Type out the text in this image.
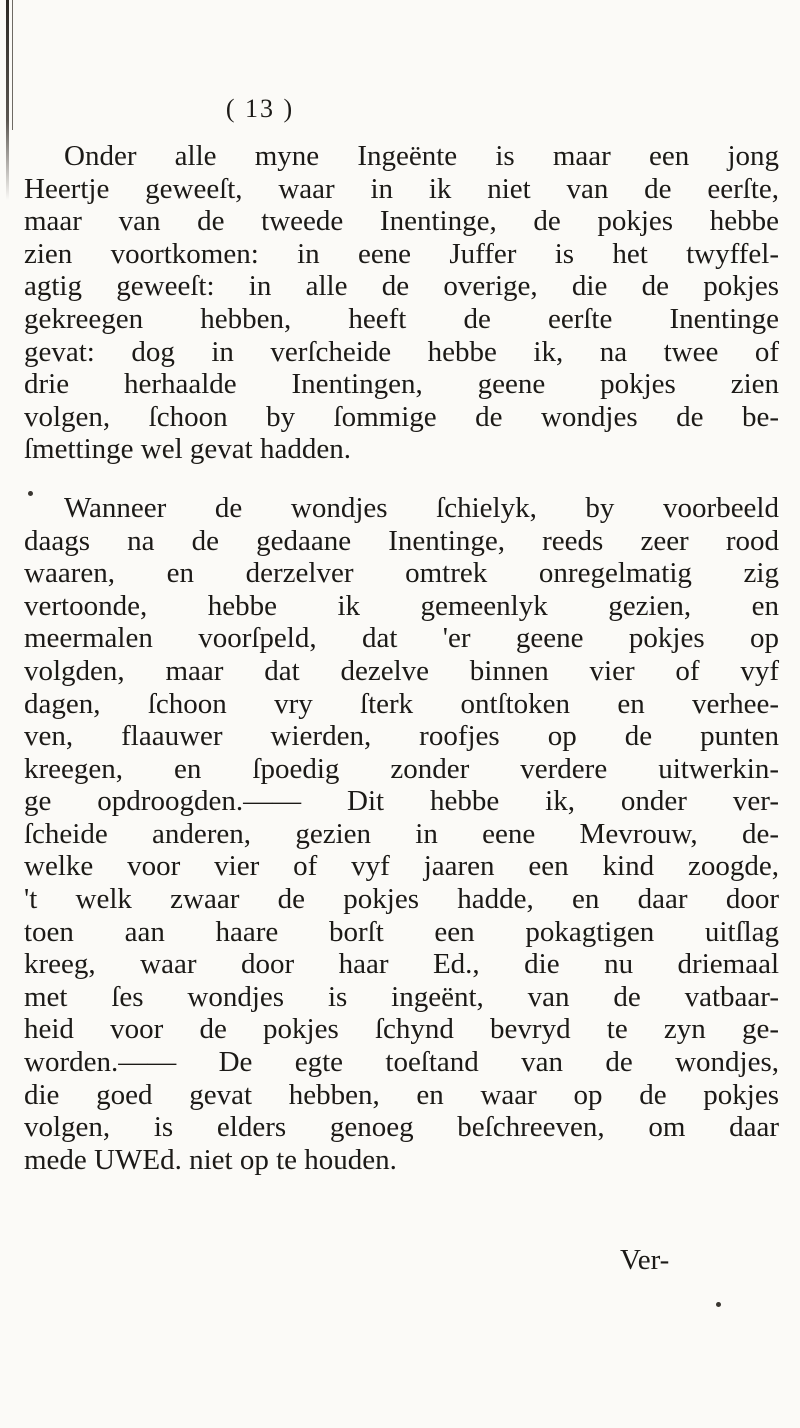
( 13 )
Onder alle myne Ingeënte is maar een jong
Heertje geweeſt, waar in ik niet van de eerſte,
maar van de tweede Inentinge, de pokjes hebbe
zien voortkomen: in eene Juffer is het twyffel-
agtig geweeſt: in alle de overige, die de pokjes
gekreegen hebben, heeft de eerſte Inentinge
gevat: dog in verſcheide hebbe ik, na twee of
drie herhaalde Inentingen, geene pokjes zien
volgen, ſchoon by ſommige de wondjes de be-
ſmettinge wel gevat hadden.
Wanneer de wondjes ſchielyk, by voorbeeld
daags na de gedaane Inentinge, reeds zeer rood
waaren, en derzelver omtrek onregelmatig zig
vertoonde, hebbe ik gemeenlyk gezien, en
meermalen voorſpeld, dat 'er geene pokjes op
volgden, maar dat dezelve binnen vier of vyf
dagen, ſchoon vry ſterk ontſtoken en verhee-
ven, flaauwer wierden, roofjes op de punten
kreegen, en ſpoedig zonder verdere uitwerkin-
ge opdroogden.—— Dit hebbe ik, onder ver-
ſcheide anderen, gezien in eene Mevrouw, de-
welke voor vier of vyf jaaren een kind zoogde,
't welk zwaar de pokjes hadde, en daar door
toen aan haare borſt een pokagtigen uitſlag
kreeg, waar door haar Ed., die nu driemaal
met ſes wondjes is ingeënt, van de vatbaar-
heid voor de pokjes ſchynd bevryd te zyn ge-
worden.—— De egte toeſtand van de wondjes,
die goed gevat hebben, en waar op de pokjes
volgen, is elders genoeg beſchreeven, om daar
mede UWEd. niet op te houden.
Ver-
